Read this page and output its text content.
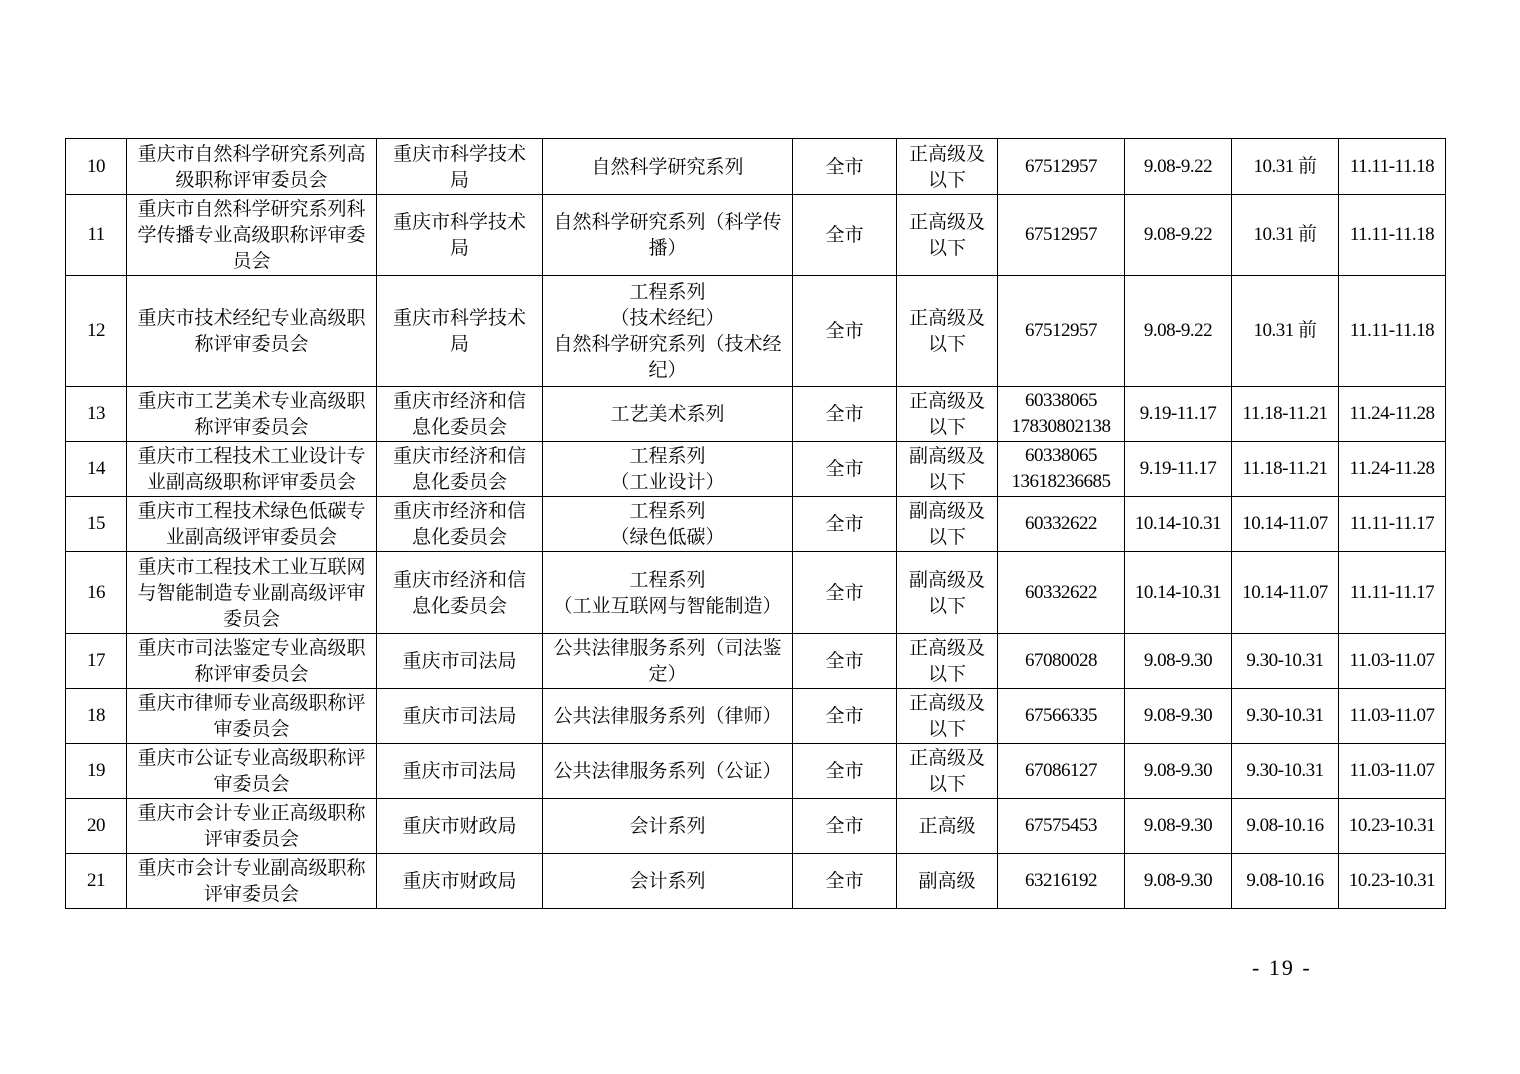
10	重庆市自然科学研究系列高
级职称评审委员会	重庆市科学技术
局	自然科学研究系列	全市	正高级及
以下	67512957	9.08-9.22	10.31 前	11.11-11.18
11	重庆市自然科学研究系列科
学传播专业高级职称评审委
员会	重庆市科学技术
局	自然科学研究系列（科学传
播）	全市	正高级及
以下	67512957	9.08-9.22	10.31 前	11.11-11.18
12	重庆市技术经纪专业高级职
称评审委员会	重庆市科学技术
局	工程系列
（技术经纪）
自然科学研究系列（技术经
纪）	全市	正高级及
以下	67512957	9.08-9.22	10.31 前	11.11-11.18
13	重庆市工艺美术专业高级职
称评审委员会	重庆市经济和信
息化委员会	工艺美术系列	全市	正高级及
以下	60338065
17830802138	9.19-11.17	11.18-11.21	11.24-11.28
14	重庆市工程技术工业设计专
业副高级职称评审委员会	重庆市经济和信
息化委员会	工程系列
（工业设计）	全市	副高级及
以下	60338065
13618236685	9.19-11.17	11.18-11.21	11.24-11.28
15	重庆市工程技术绿色低碳专
业副高级评审委员会	重庆市经济和信
息化委员会	工程系列
（绿色低碳）	全市	副高级及
以下	60332622	10.14-10.31	10.14-11.07	11.11-11.17
16	重庆市工程技术工业互联网
与智能制造专业副高级评审
委员会	重庆市经济和信
息化委员会	工程系列
（工业互联网与智能制造）	全市	副高级及
以下	60332622	10.14-10.31	10.14-11.07	11.11-11.17
17	重庆市司法鉴定专业高级职
称评审委员会	重庆市司法局	公共法律服务系列（司法鉴
定）	全市	正高级及
以下	67080028	9.08-9.30	9.30-10.31	11.03-11.07
18	重庆市律师专业高级职称评
审委员会	重庆市司法局	公共法律服务系列（律师）	全市	正高级及
以下	67566335	9.08-9.30	9.30-10.31	11.03-11.07
19	重庆市公证专业高级职称评
审委员会	重庆市司法局	公共法律服务系列（公证）	全市	正高级及
以下	67086127	9.08-9.30	9.30-10.31	11.03-11.07
20	重庆市会计专业正高级职称
评审委员会	重庆市财政局	会计系列	全市	正高级	67575453	9.08-9.30	9.08-10.16	10.23-10.31
21	重庆市会计专业副高级职称
评审委员会	重庆市财政局	会计系列	全市	副高级	63216192	9.08-9.30	9.08-10.16	10.23-10.31
- 19 -
